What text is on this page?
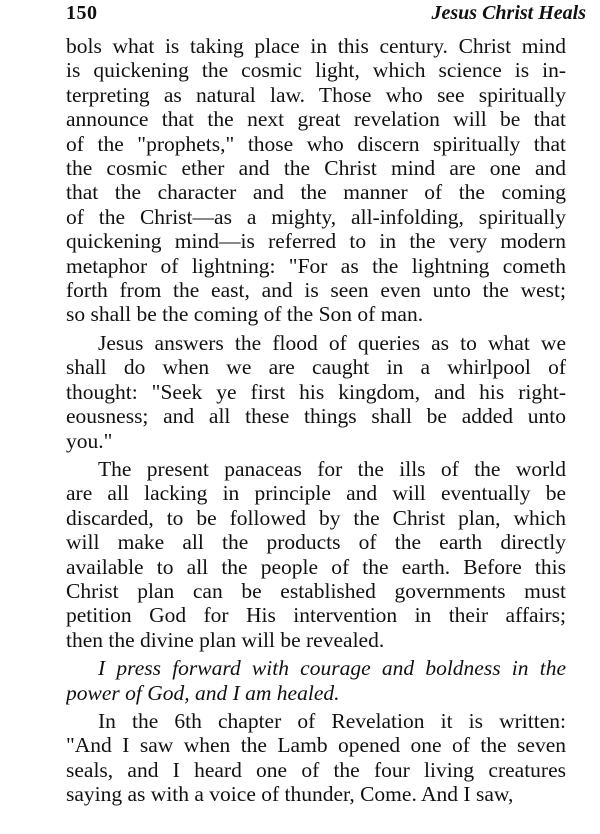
150	Jesus Christ Heals
bols what is taking place in this century. Christ mind
is quickening the cosmic light, which science is in-
terpreting as natural law. Those who see spiritually
announce that the next great revelation will be that
of the "prophets," those who discern spiritually that
the cosmic ether and the Christ mind are one and
that the character and the manner of the coming
of the Christ—as a mighty, all-infolding, spiritually
quickening mind—is referred to in the very modern
metaphor of lightning: "For as the lightning cometh
forth from the east, and is seen even unto the west;
so shall be the coming of the Son of man.
Jesus answers the flood of queries as to what we
shall do when we are caught in a whirlpool of
thought: "Seek ye first his kingdom, and his right-
eousness; and all these things shall be added unto
you."
The present panaceas for the ills of the world
are all lacking in principle and will eventually be
discarded, to be followed by the Christ plan, which
will make all the products of the earth directly
available to all the people of the earth. Before this
Christ plan can be established governments must
petition God for His intervention in their affairs;
then the divine plan will be revealed.
I press forward with courage and boldness in the
power of God, and I am healed.
In the 6th chapter of Revelation it is written:
"And I saw when the Lamb opened one of the seven
seals, and I heard one of the four living creatures
saying as with a voice of thunder, Come. And I saw,
